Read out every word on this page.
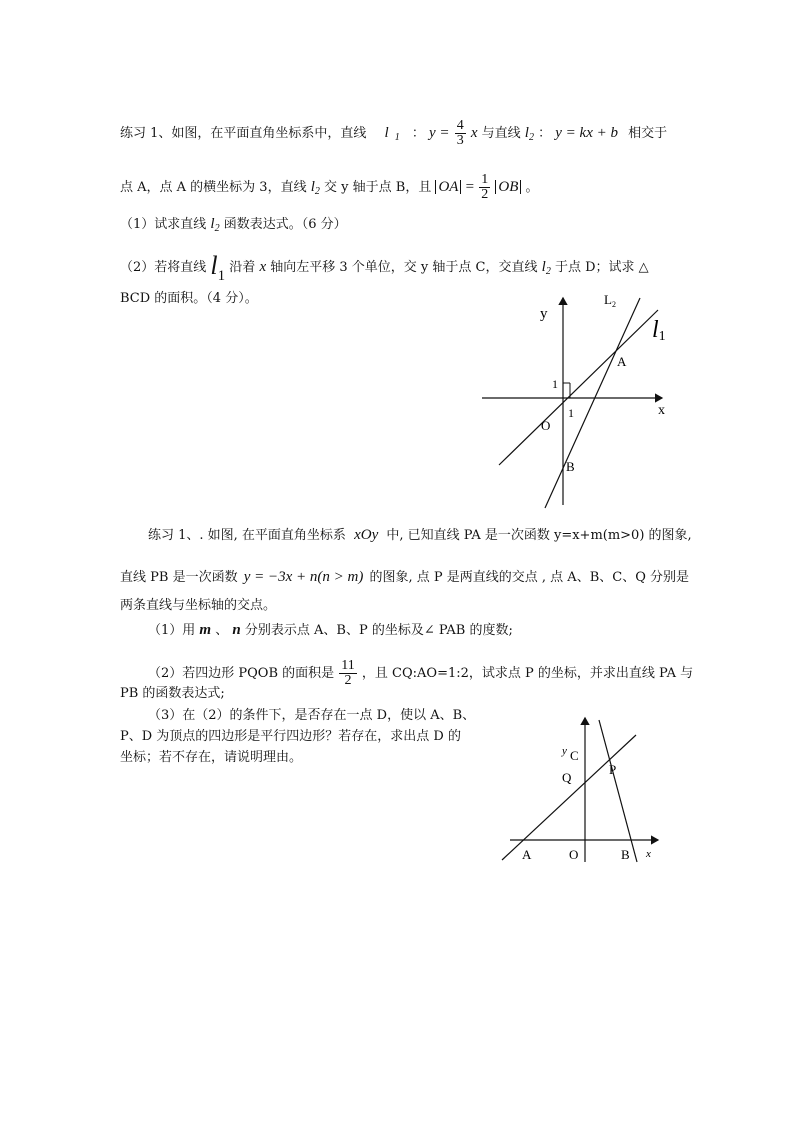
练习 1、如图，在平面直角坐标系中，直线 l $_1$ ： $y = \frac{4}{3}$ x 与直线 $l_2$ ： y = kx + b 相交于
点 A，点 A 的横坐标为 3，直线 $l_2$ 交 y 轴于点 B，且 OA = $\frac{1}{2}$ OB 。
（1）试求直线 $l_2$ 函数表达式。（6 分）
（2）若将直线 $l_1$ 沿着 x 轴向左平移 3 个单位，交 y 轴于点 C，交直线 $l_2$ 于点 D；试求 △
BCD 的面积。（4 分）。
y
x
$L_2$
l1
A
B
O
1
1
练习 1、. 如图, 在平面直角坐标系 xOy 中, 已知直线 PA 是一次函数 y=x+m(m>0) 的图象,
直线 PB 是一次函数 y = −3x + n(n > m) 的图象, 点 P 是两直线的交点 , 点 A、B、C、Q 分别是
两条直线与坐标轴的交点。
（1）用 m 、 n 分别表示点 A、B、P 的坐标及∠ PAB 的度数;
（2）若四边形 PQOB 的面积是 $\frac{11}{2}$ ，且 CQ:AO=1:2，试求点 P 的坐标，并求出直线 PA 与
PB 的函数表达式;
（3）在（2）的条件下，是否存在一点 D，使以 A、B、
P、D 为顶点的四边形是平行四边形？若存在，求出点 D 的
坐标；若不存在，请说明理由。	y
x
C
P
Q
A	O	B
